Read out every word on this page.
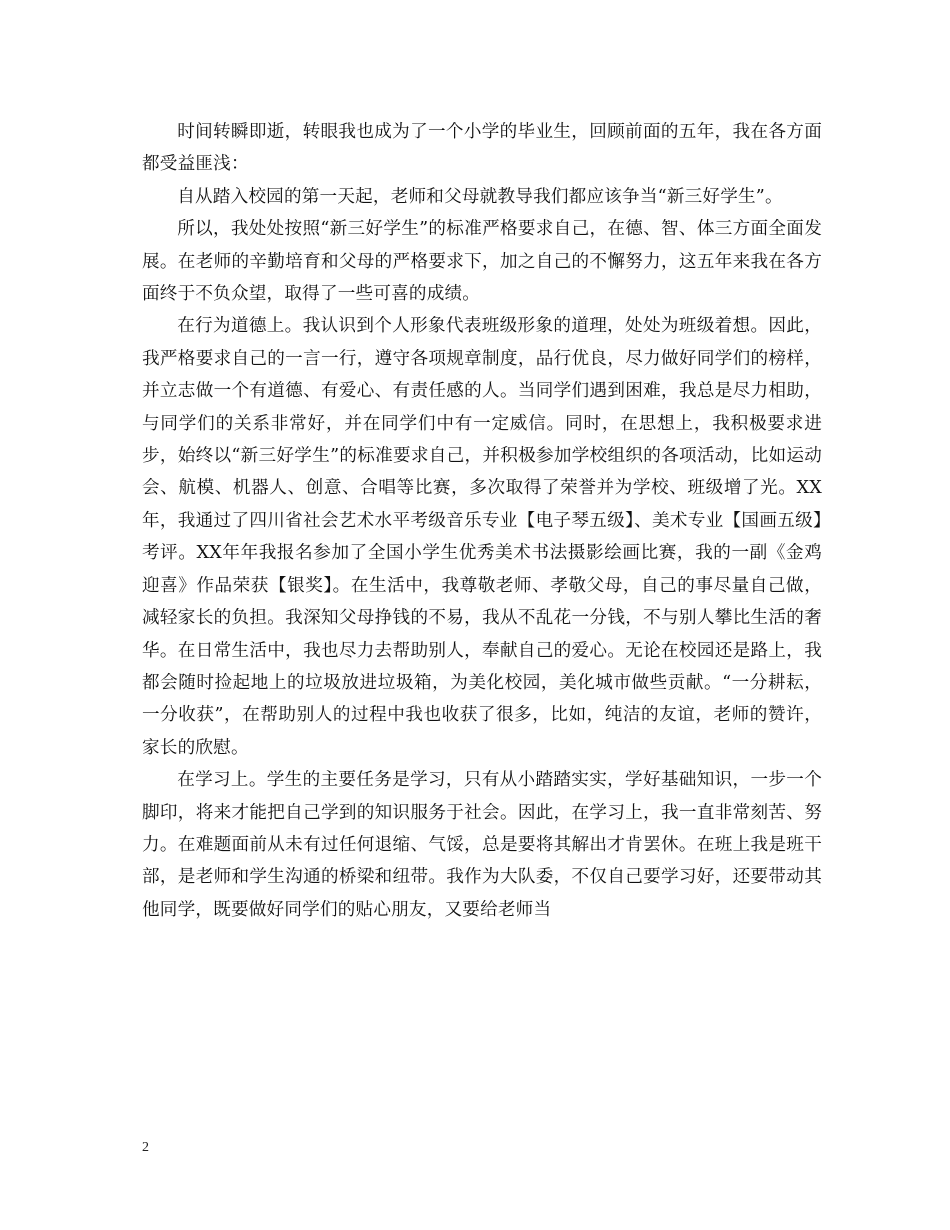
时间转瞬即逝，转眼我也成为了一个小学的毕业生，回顾前面的五年，我在各方面都受益匪浅：

自从踏入校园的第一天起，老师和父母就教导我们都应该争当“新三好学生”。

所以，我处处按照“新三好学生”的标准严格要求自己，在德、智、体三方面全面发展。在老师的辛勤培育和父母的严格要求下，加之自己的不懈努力，这五年来我在各方面终于不负众望，取得了一些可喜的成绩。

在行为道德上。我认识到个人形象代表班级形象的道理，处处为班级着想。因此，我严格要求自己的一言一行，遵守各项规章制度，品行优良，尽力做好同学们的榜样，并立志做一个有道德、有爱心、有责任感的人。当同学们遇到困难，我总是尽力相助，与同学们的关系非常好，并在同学们中有一定威信。同时，在思想上，我积极要求进步，始终以“新三好学生”的标准要求自己，并积极参加学校组织的各项活动，比如运动会、航模、机器人、创意、合唱等比赛，多次取得了荣誉并为学校、班级增了光。XX年，我通过了四川省社会艺术水平考级音乐专业【电子琴五级】、美术专业【国画五级】考评。XX年年我报名参加了全国小学生优秀美术书法摄影绘画比赛，我的一副《金鸡迎喜》作品荣获【银奖】。在生活中，我尊敬老师、孝敬父母，自己的事尽量自己做，减轻家长的负担。我深知父母挣钱的不易，我从不乱花一分钱，不与别人攀比生活的奢华。在日常生活中，我也尽力去帮助别人，奉献自己的爱心。无论在校园还是路上，我都会随时捡起地上的垃圾放进垃圾箱，为美化校园，美化城市做些贡献。“一分耕耘，一分收获”，在帮助别人的过程中我也收获了很多，比如，纯洁的友谊，老师的赞许，家长的欣慰。

在学习上。学生的主要任务是学习，只有从小踏踏实实，学好基础知识，一步一个脚印，将来才能把自己学到的知识服务于社会。因此，在学习上，我一直非常刻苦、努力。在难题面前从未有过任何退缩、气馁，总是要将其解出才肯罢休。在班上我是班干部，是老师和学生沟通的桥梁和纽带。我作为大队委，不仅自己要学习好，还要带动其他同学，既要做好同学们的贴心朋友，又要给老师当

2
